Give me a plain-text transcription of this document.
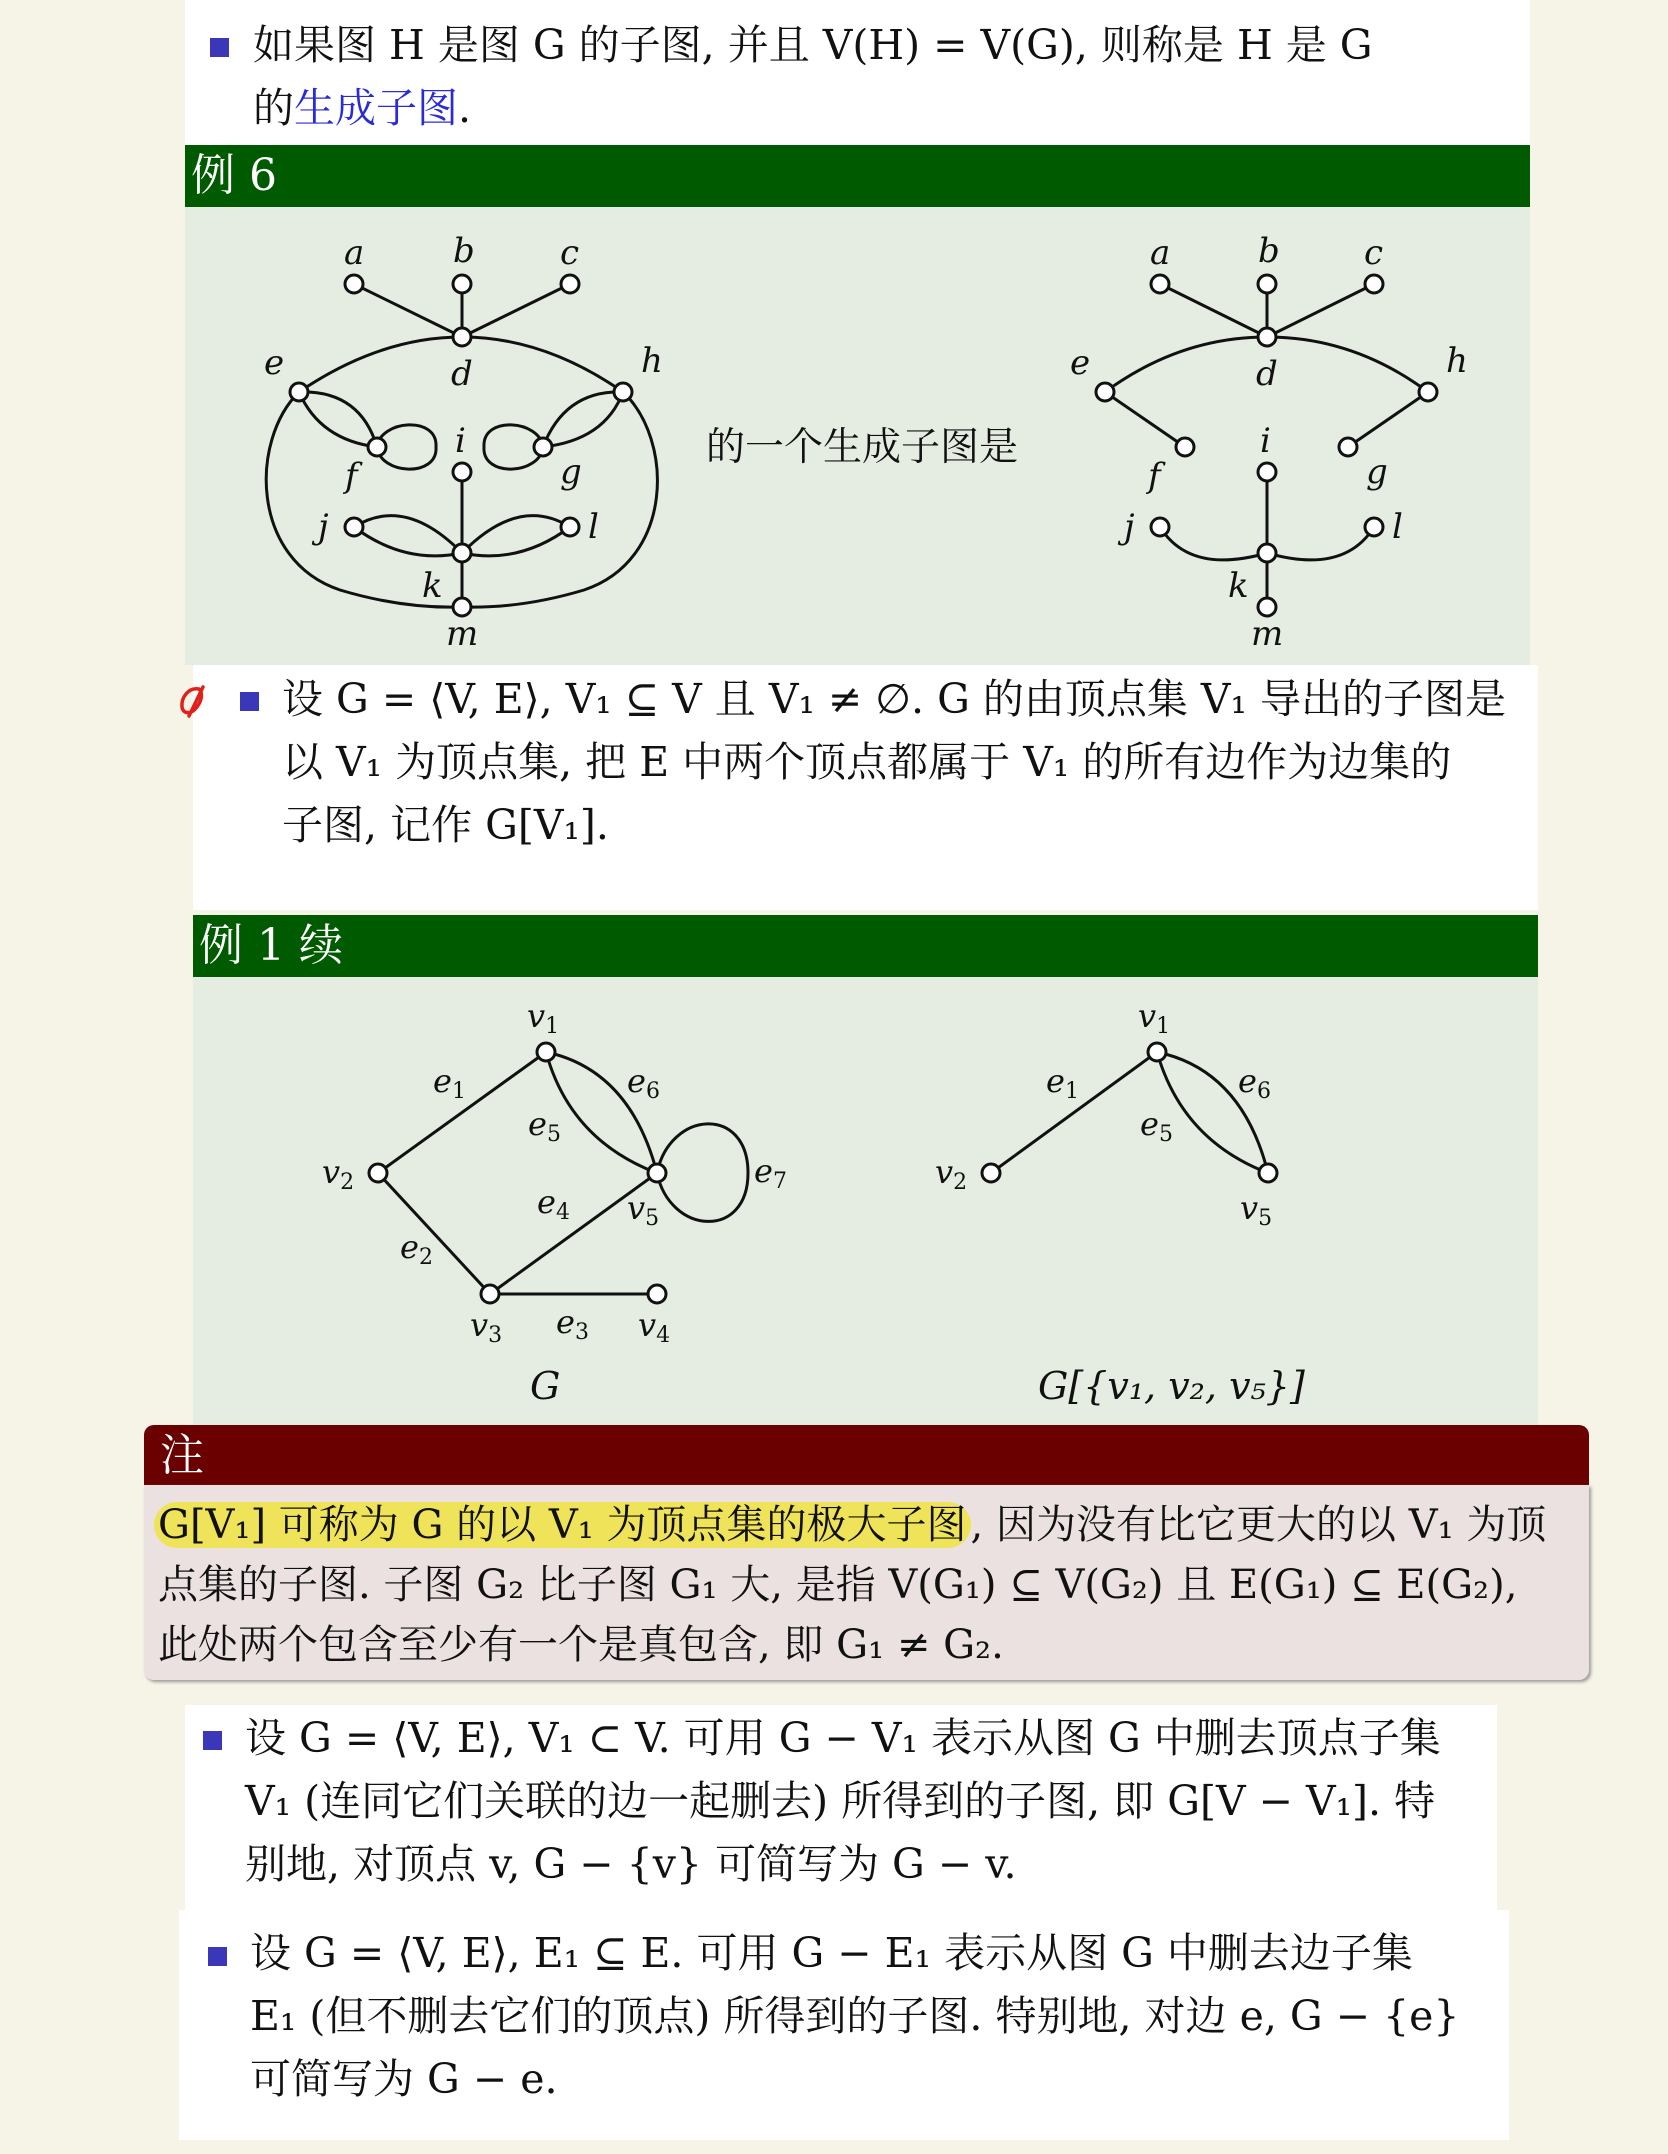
如果图 H 是图 G 的子图, 并且 V(H) = V(G), 则称是 H 是 G
的生成子图.
例 6
a	b	c
d
e	h
i
f	g
j	l
k
m
的一个生成子图是
a	b c
d
e	h
i
f	g
j	l
k
m
设 G = ⟨V, E⟩, V₁ ⊆ V 且 V₁ ≠ ∅. G 的由顶点集 V₁ 导出的子图是
以 V₁ 为顶点集, 把 E 中两个顶点都属于 V₁ 的所有边作为边集的
子图, 记作 G[V₁].
例 1 续
v1
v2
v3	v4
v5
e1
e2
e3
e4
e5
e6
e7
G
v1
v2
v5
e1
e5
e6
G[{v₁, v₂, v₅}]
注
G[V₁] 可称为 G 的以 V₁ 为顶点集的极大子图 , 因为没有比它更大的以 V₁ 为顶
点集的子图. 子图 G₂ 比子图 G₁ 大, 是指 V(G₁) ⊆ V(G₂) 且 E(G₁) ⊆ E(G₂),
此处两个包含至少有一个是真包含, 即 G₁ ≠ G₂.
设 G = ⟨V, E⟩, V₁ ⊂ V. 可用 G − V₁ 表示从图 G 中删去顶点子集
V₁ (连同它们关联的边一起删去) 所得到的子图, 即 G[V − V₁]. 特
别地, 对顶点 v, G − {v} 可简写为 G − v.
设 G = ⟨V, E⟩, E₁ ⊆ E. 可用 G − E₁ 表示从图 G 中删去边子集
E₁ (但不删去它们的顶点) 所得到的子图. 特别地, 对边 e, G − {e}
可简写为 G − e.
